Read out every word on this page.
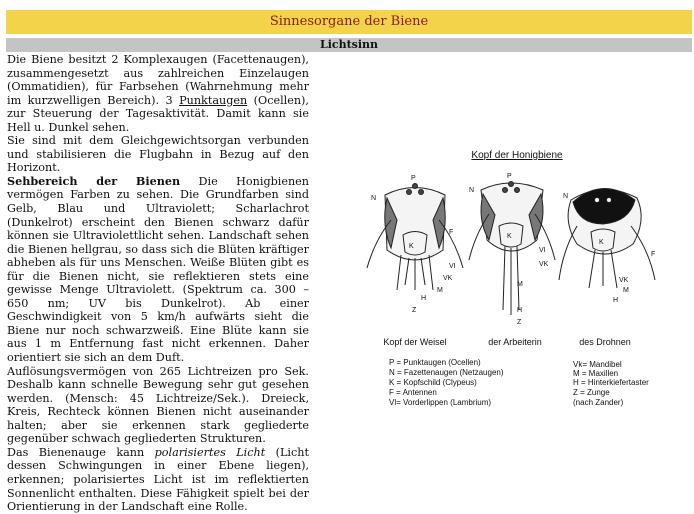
Sinnesorgane der Biene
Lichtsinn

Die Biene besitzt 2 Komplexaugen (Facettenaugen), zusammengesetzt aus zahlreichen Einzelaugen (Ommatidien), für Farbsehen (Wahrnehmung mehr im kurzwelligen Bereich). 3 Punktaugen (Ocellen), zur Steuerung der Tagesaktivität. Damit kann sie Hell u. Dunkel sehen.

Sie sind mit dem Gleichgewichtsorgan verbunden und stabilisieren die Flugbahn in Bezug auf den Horizont.

Sehbereich der Bienen Die Honigbienen vermögen Farben zu sehen. Die Grundfarben sind Gelb, Blau und Ultraviolett; Scharlachrot (Dunkelrot) erscheint den Bienen schwarz dafür können sie Ultraviolettlicht sehen. Landschaft sehen die Bienen hellgrau, so dass sich die Blüten kräftiger abheben als für uns Menschen. Weiße Blüten gibt es für die Bienen nicht, sie reflektieren stets eine gewisse Menge Ultraviolett. (Spektrum ca. 300 – 650 nm; UV bis Dunkelrot). Ab einer Geschwindigkeit von 5 km/h aufwärts sieht die Biene nur noch schwarzweiß. Eine Blüte kann sie aus 1 m Entfernung fast nicht erkennen. Daher orientiert sie sich an dem Duft.

Auflösungsvermögen von 265 Lichtreizen pro Sek. Deshalb kann schnelle Bewegung sehr gut gesehen werden. (Mensch: 45 Lichtreize/Sek.). Dreieck, Kreis, Rechteck können Bienen nicht auseinander halten; aber sie erkennen stark gegliederte gegenüber schwach gegliederten Strukturen.

Das Bienenauge kann polarisiertes Licht (Licht dessen Schwingungen in einer Ebene liegen), erkennen; polarisiertes Licht ist im reflektierten Sonnenlicht enthalten. Diese Fähigkeit spielt bei der Orientierung in der Landschaft eine Rolle.

Kopf der Honigbiene
P
N
K
F
VI
VK
M
H
Z
P
N
K
VI
VK
M
H
Z
N
K
F
VK
M
H
Kopf der Weisel	der Arbeiterin	des Drohnen
P = Punktaugen (Ocellen)
N = Fazettenaugen (Netzaugen)
K = Kopfschild (Clypeus)
F = Antennen
Vl= Vorderlippen (Lambrium)
Vk= Mandibel
M = Maxillen
H = Hinterkiefertaster
Z = Zunge
(nach Zander)
